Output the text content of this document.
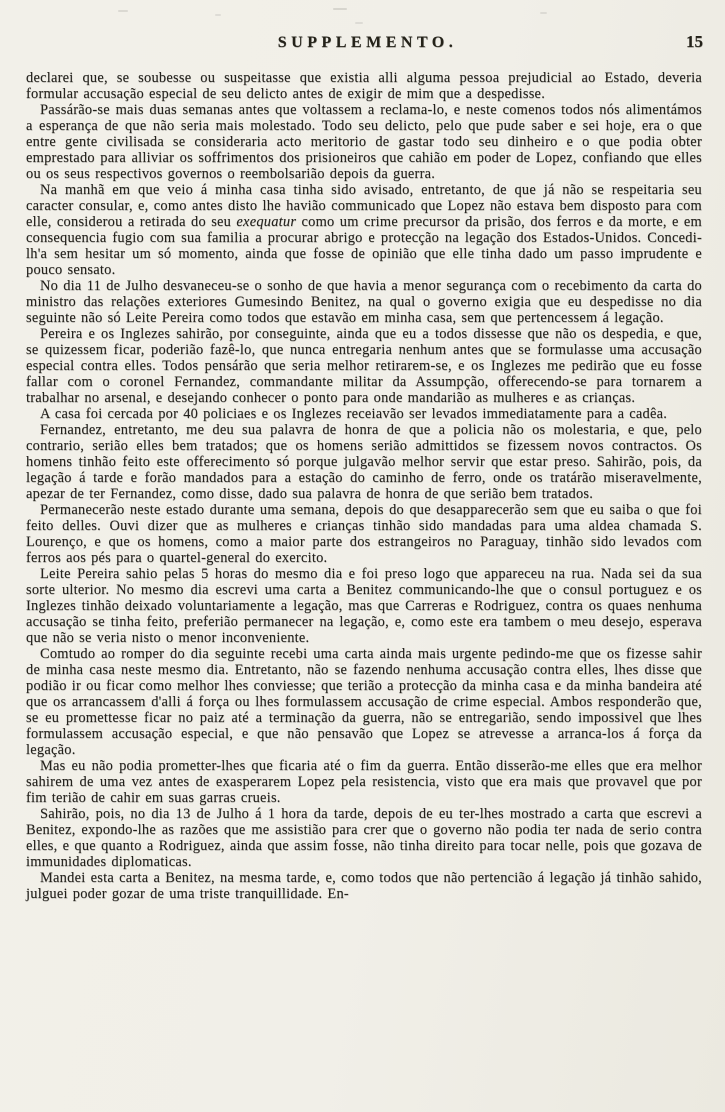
SUPPLEMENTO.	15

declarei que, se soubesse ou suspeitasse que existia alli alguma pessoa prejudicial ao Estado, deveria formular accusação especial de seu delicto antes de exigir de mim que a despedisse.

Passárão-se mais duas semanas antes que voltassem a reclama-lo, e neste comenos todos nós alimentámos a esperança de que não seria mais molestado. Todo seu delicto, pelo que pude saber e sei hoje, era o que entre gente civilisada se consideraria acto meritorio de gastar todo seu dinheiro e o que podia obter emprestado para alliviar os soffrimentos dos prisioneiros que cahião em poder de Lopez, confiando que elles ou os seus respectivos governos o reembolsarião depois da guerra.

Na manhã em que veio á minha casa tinha sido avisado, entretanto, de que já não se respeitaria seu caracter consular, e, como antes disto lhe havião communicado que Lopez não estava bem disposto para com elle, considerou a retirada do seu exequatur como um crime precursor da prisão, dos ferros e da morte, e em consequencia fugio com sua familia a procurar abrigo e protecção na legação dos Estados-Unidos. Concedi-lh'a sem hesitar um só momento, ainda que fosse de opinião que elle tinha dado um passo imprudente e pouco sensato.

No dia 11 de Julho desvaneceu-se o sonho de que havia a menor segurança com o recebimento da carta do ministro das relações exteriores Gumesindo Benitez, na qual o governo exigia que eu despedisse no dia seguinte não só Leite Pereira como todos que estavão em minha casa, sem que pertencessem á legação.

Pereira e os Inglezes sahirão, por conseguinte, ainda que eu a todos dissesse que não os despedia, e que, se quizessem ficar, poderião fazê-lo, que nunca entregaria nenhum antes que se formulasse uma accusação especial contra elles. Todos pensárão que seria melhor retirarem-se, e os Inglezes me pedirão que eu fosse fallar com o coronel Fernandez, commandante militar da Assumpção, offerecendo-se para tornarem a trabalhar no arsenal, e desejando conhecer o ponto para onde mandarião as mulheres e as crianças.

A casa foi cercada por 40 policiaes e os Inglezes receiavão ser levados immediatamente para a cadêa.

Fernandez, entretanto, me deu sua palavra de honra de que a policia não os molestaria, e que, pelo contrario, serião elles bem tratados; que os homens serião admittidos se fizessem novos contractos. Os homens tinhão feito este offerecimento só porque julgavão melhor servir que estar preso. Sahirão, pois, da legação á tarde e forão mandados para a estação do caminho de ferro, onde os tratárão miseravelmente, apezar de ter Fernandez, como disse, dado sua palavra de honra de que serião bem tratados.

Permanecerão neste estado durante uma semana, depois do que desapparecerão sem que eu saiba o que foi feito delles. Ouvi dizer que as mulheres e crianças tinhão sido mandadas para uma aldea chamada S. Lourenço, e que os homens, como a maior parte dos estrangeiros no Paraguay, tinhão sido levados com ferros aos pés para o quartel-general do exercito.

Leite Pereira sahio pelas 5 horas do mesmo dia e foi preso logo que appareceu na rua. Nada sei da sua sorte ulterior. No mesmo dia escrevi uma carta a Benitez communicando-lhe que o consul portuguez e os Inglezes tinhão deixado voluntariamente a legação, mas que Carreras e Rodriguez, contra os quaes nenhuma accusação se tinha feito, preferião permanecer na legação, e, como este era tambem o meu desejo, esperava que não se veria nisto o menor inconveniente.

Comtudo ao romper do dia seguinte recebi uma carta ainda mais urgente pedindo-me que os fizesse sahir de minha casa neste mesmo dia. Entretanto, não se fazendo nenhuma accusação contra elles, lhes disse que podião ir ou ficar como melhor lhes conviesse; que terião a protecção da minha casa e da minha bandeira até que os arrancassem d'alli á força ou lhes formulassem accusação de crime especial. Ambos responderão que, se eu promettesse ficar no paiz até a terminação da guerra, não se entregarião, sendo impossivel que lhes formulassem accusação especial, e que não pensavão que Lopez se atrevesse a arranca-los á força da legação.

Mas eu não podia prometter-lhes que ficaria até o fim da guerra. Então disserão-me elles que era melhor sahirem de uma vez antes de exasperarem Lopez pela resistencia, visto que era mais que provavel que por fim terião de cahir em suas garras crueis.

Sahirão, pois, no dia 13 de Julho á 1 hora da tarde, depois de eu ter-lhes mostrado a carta que escrevi a Benitez, expondo-lhe as razões que me assistião para crer que o governo não podia ter nada de serio contra elles, e que quanto a Rodriguez, ainda que assim fosse, não tinha direito para tocar nelle, pois que gozava de immunidades diplomaticas.

Mandei esta carta a Benitez, na mesma tarde, e, como todos que não pertencião á legação já tinhão sahido, julguei poder gozar de uma triste tranquillidade. En-
